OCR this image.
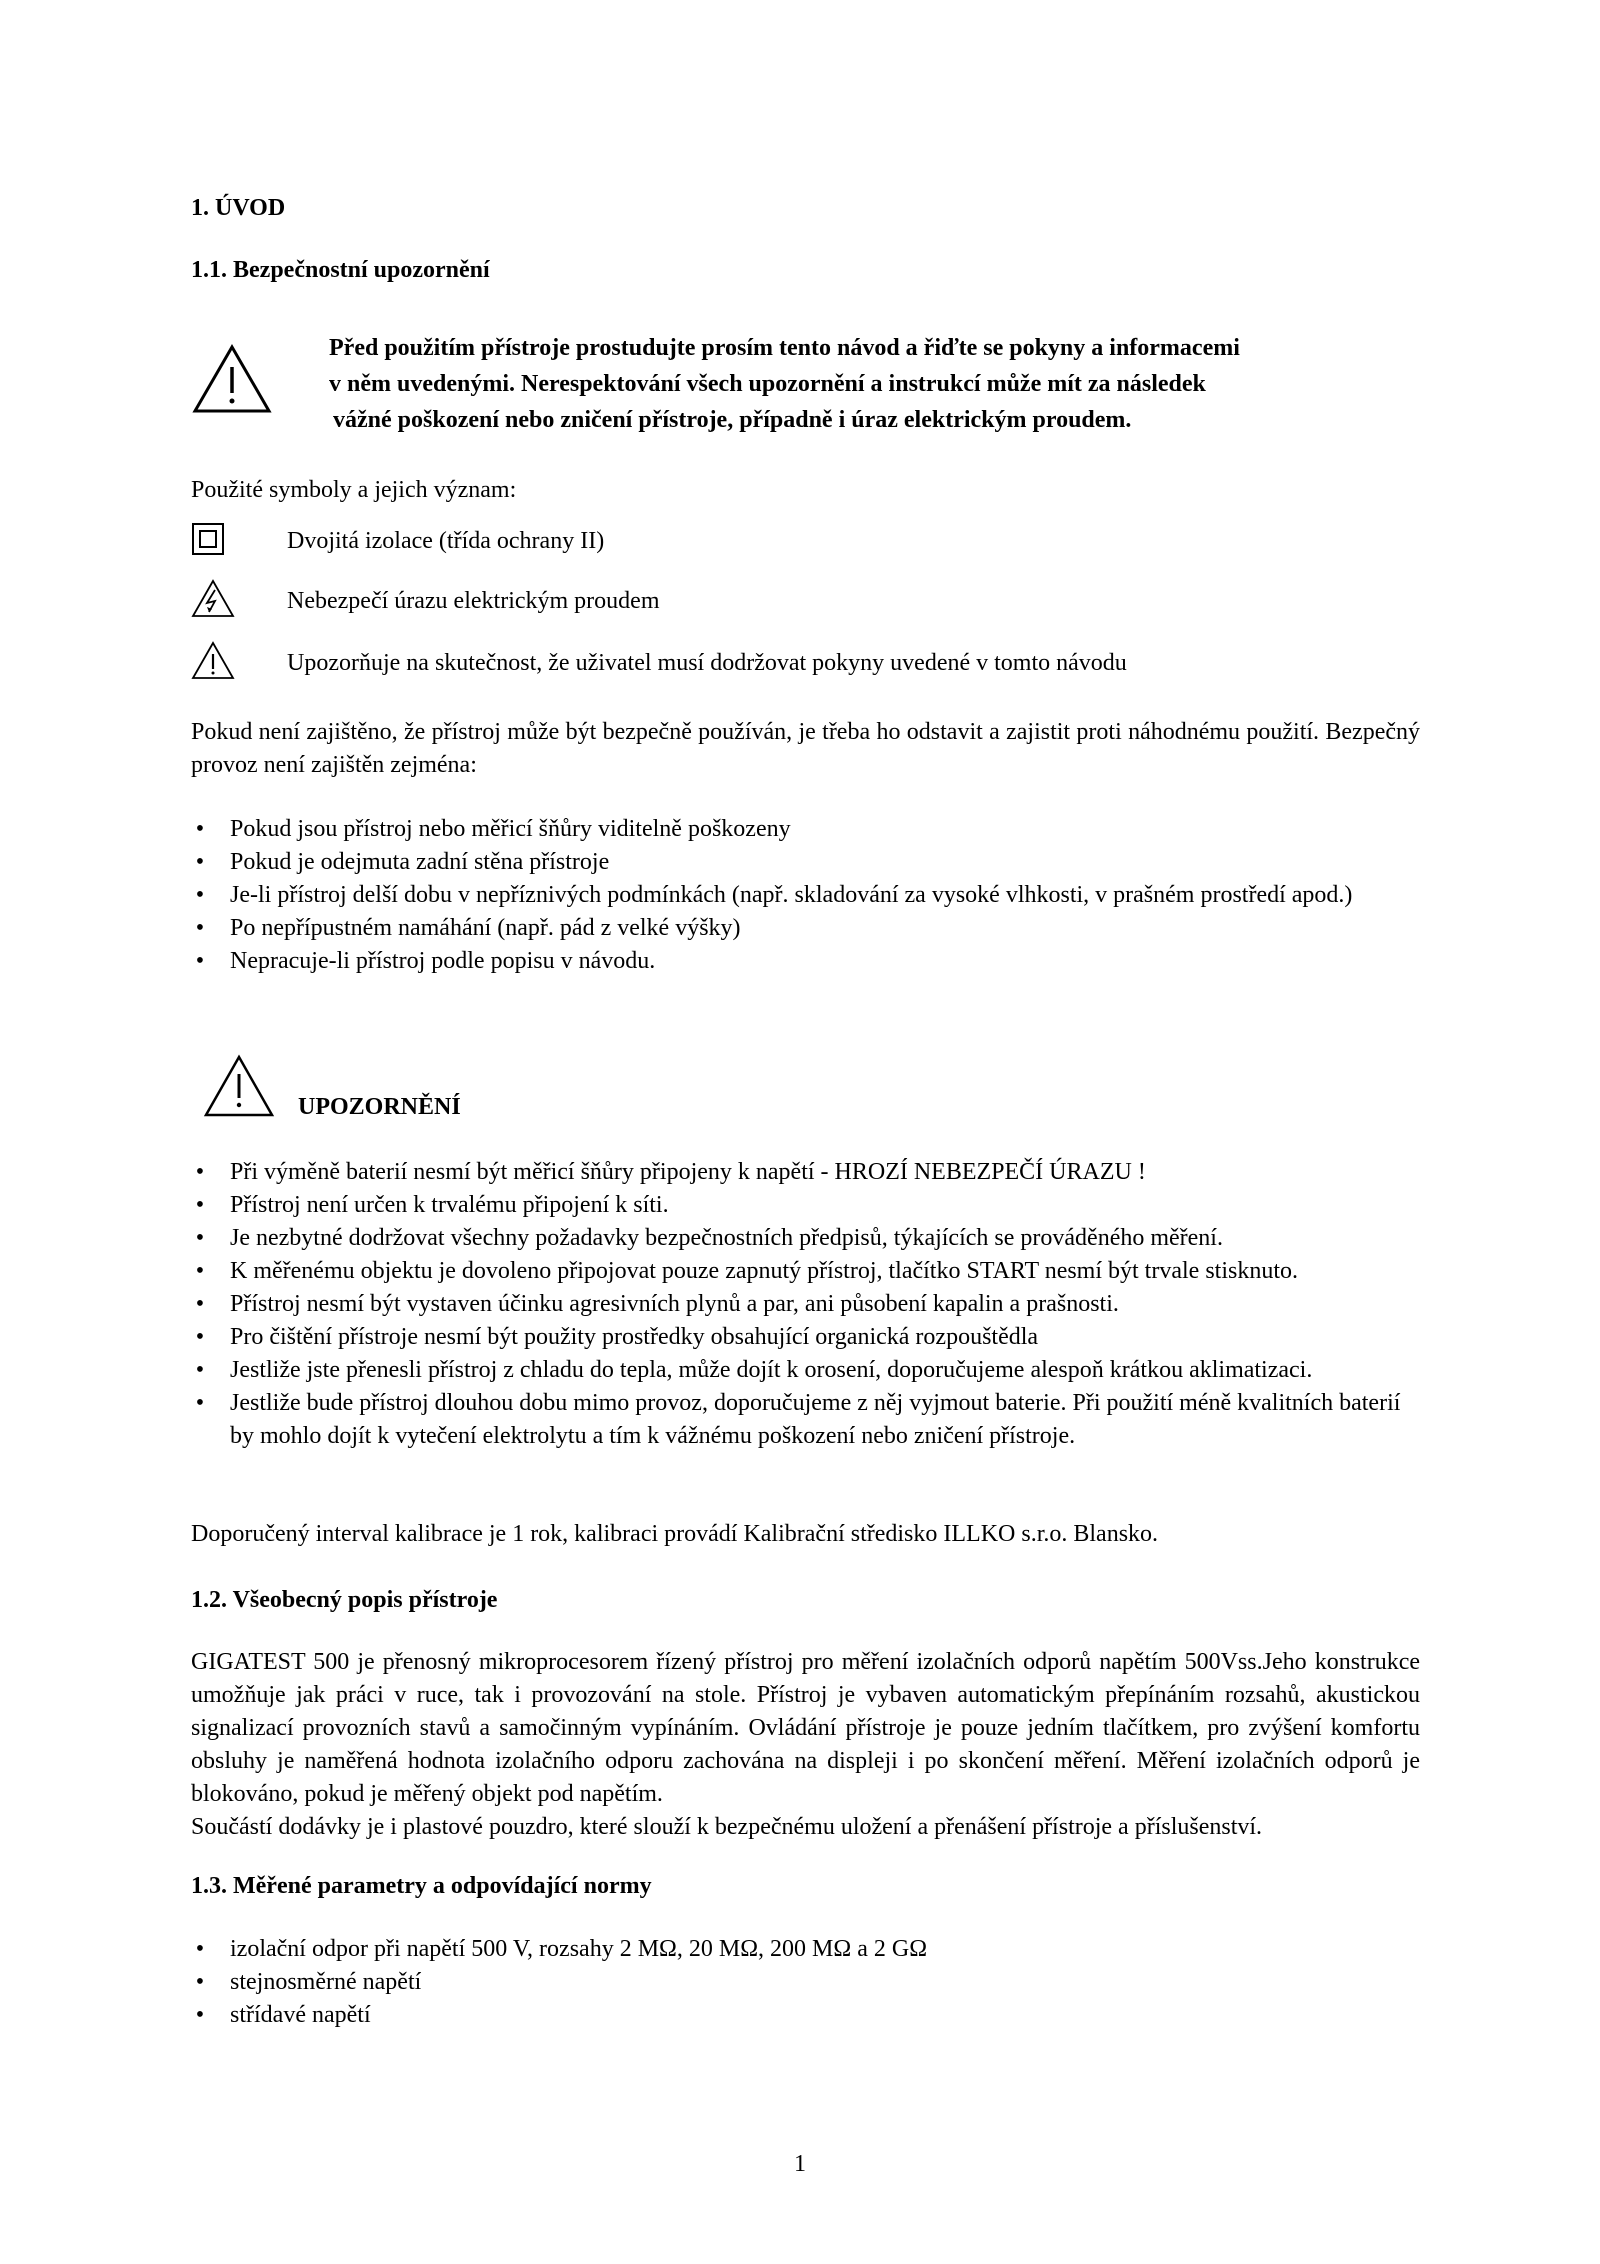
1. ÚVOD
1.1. Bezpečnostní upozornění
Před použitím přístroje prostudujte prosím tento návod a řiďte se pokyny a informacemi
v něm uvedenými. Nerespektování všech upozornění a instrukcí může mít za následek
vážné poškození nebo zničení přístroje, případně i úraz elektrickým proudem.
Použité symboly a jejich význam:
Dvojitá izolace (třída ochrany II)
Nebezpečí úrazu elektrickým proudem
Upozorňuje na skutečnost, že uživatel musí dodržovat pokyny uvedené v tomto návodu
Pokud není zajištěno, že přístroj může být bezpečně používán, je třeba ho odstavit a zajistit proti náhodnému použití. Bezpečný provoz není zajištěn zejména:
• Pokud jsou přístroj nebo měřicí šňůry viditelně poškozeny
• Pokud je odejmuta zadní stěna přístroje
• Je-li přístroj delší dobu v nepříznivých podmínkách (např. skladování za vysoké vlhkosti, v prašném prostředí apod.)
• Po nepřípustném namáhání (např. pád z velké výšky)
• Nepracuje-li přístroj podle popisu v návodu.
UPOZORNĚNÍ
• Při výměně baterií nesmí být měřicí šňůry připojeny k napětí - HROZÍ NEBEZPEČÍ ÚRAZU !
• Přístroj není určen k trvalému připojení k síti.
• Je nezbytné dodržovat všechny požadavky bezpečnostních předpisů, týkajících se prováděného měření.
• K měřenému objektu je dovoleno připojovat pouze zapnutý přístroj, tlačítko START nesmí být trvale stisknuto.
• Přístroj nesmí být vystaven účinku agresivních plynů a par, ani působení kapalin a prašnosti.
• Pro čištění přístroje nesmí být použity prostředky obsahující organická rozpouštědla
• Jestliže jste přenesli přístroj z chladu do tepla, může dojít k orosení, doporučujeme alespoň krátkou aklimatizaci.
• Jestliže bude přístroj dlouhou dobu mimo provoz, doporučujeme z něj vyjmout baterie. Při použití méně kvalitních baterií by mohlo dojít k vytečení elektrolytu a tím k vážnému poškození nebo zničení přístroje.
Doporučený interval kalibrace je 1 rok, kalibraci provádí Kalibrační středisko ILLKO s.r.o. Blansko.
1.2. Všeobecný popis přístroje
GIGATEST 500 je přenosný mikroprocesorem řízený přístroj pro měření izolačních odporů napětím 500Vss.Jeho konstrukce umožňuje jak práci v ruce, tak i provozování na stole. Přístroj je vybaven automatickým přepínáním rozsahů, akustickou signalizací provozních stavů a samočinným vypínáním. Ovládání přístroje je pouze jedním tlačítkem, pro zvýšení komfortu obsluhy je naměřená hodnota izolačního odporu zachována na displeji i po skončení měření. Měření izolačních odporů je blokováno, pokud je měřený objekt pod napětím.
Součástí dodávky je i plastové pouzdro, které slouží k bezpečnému uložení a přenášení přístroje a příslušenství.
1.3. Měřené parametry a odpovídající normy
• izolační odpor při napětí 500 V, rozsahy 2 MΩ, 20 MΩ, 200 MΩ a 2 GΩ
• stejnosměrné napětí
• střídavé napětí
1
